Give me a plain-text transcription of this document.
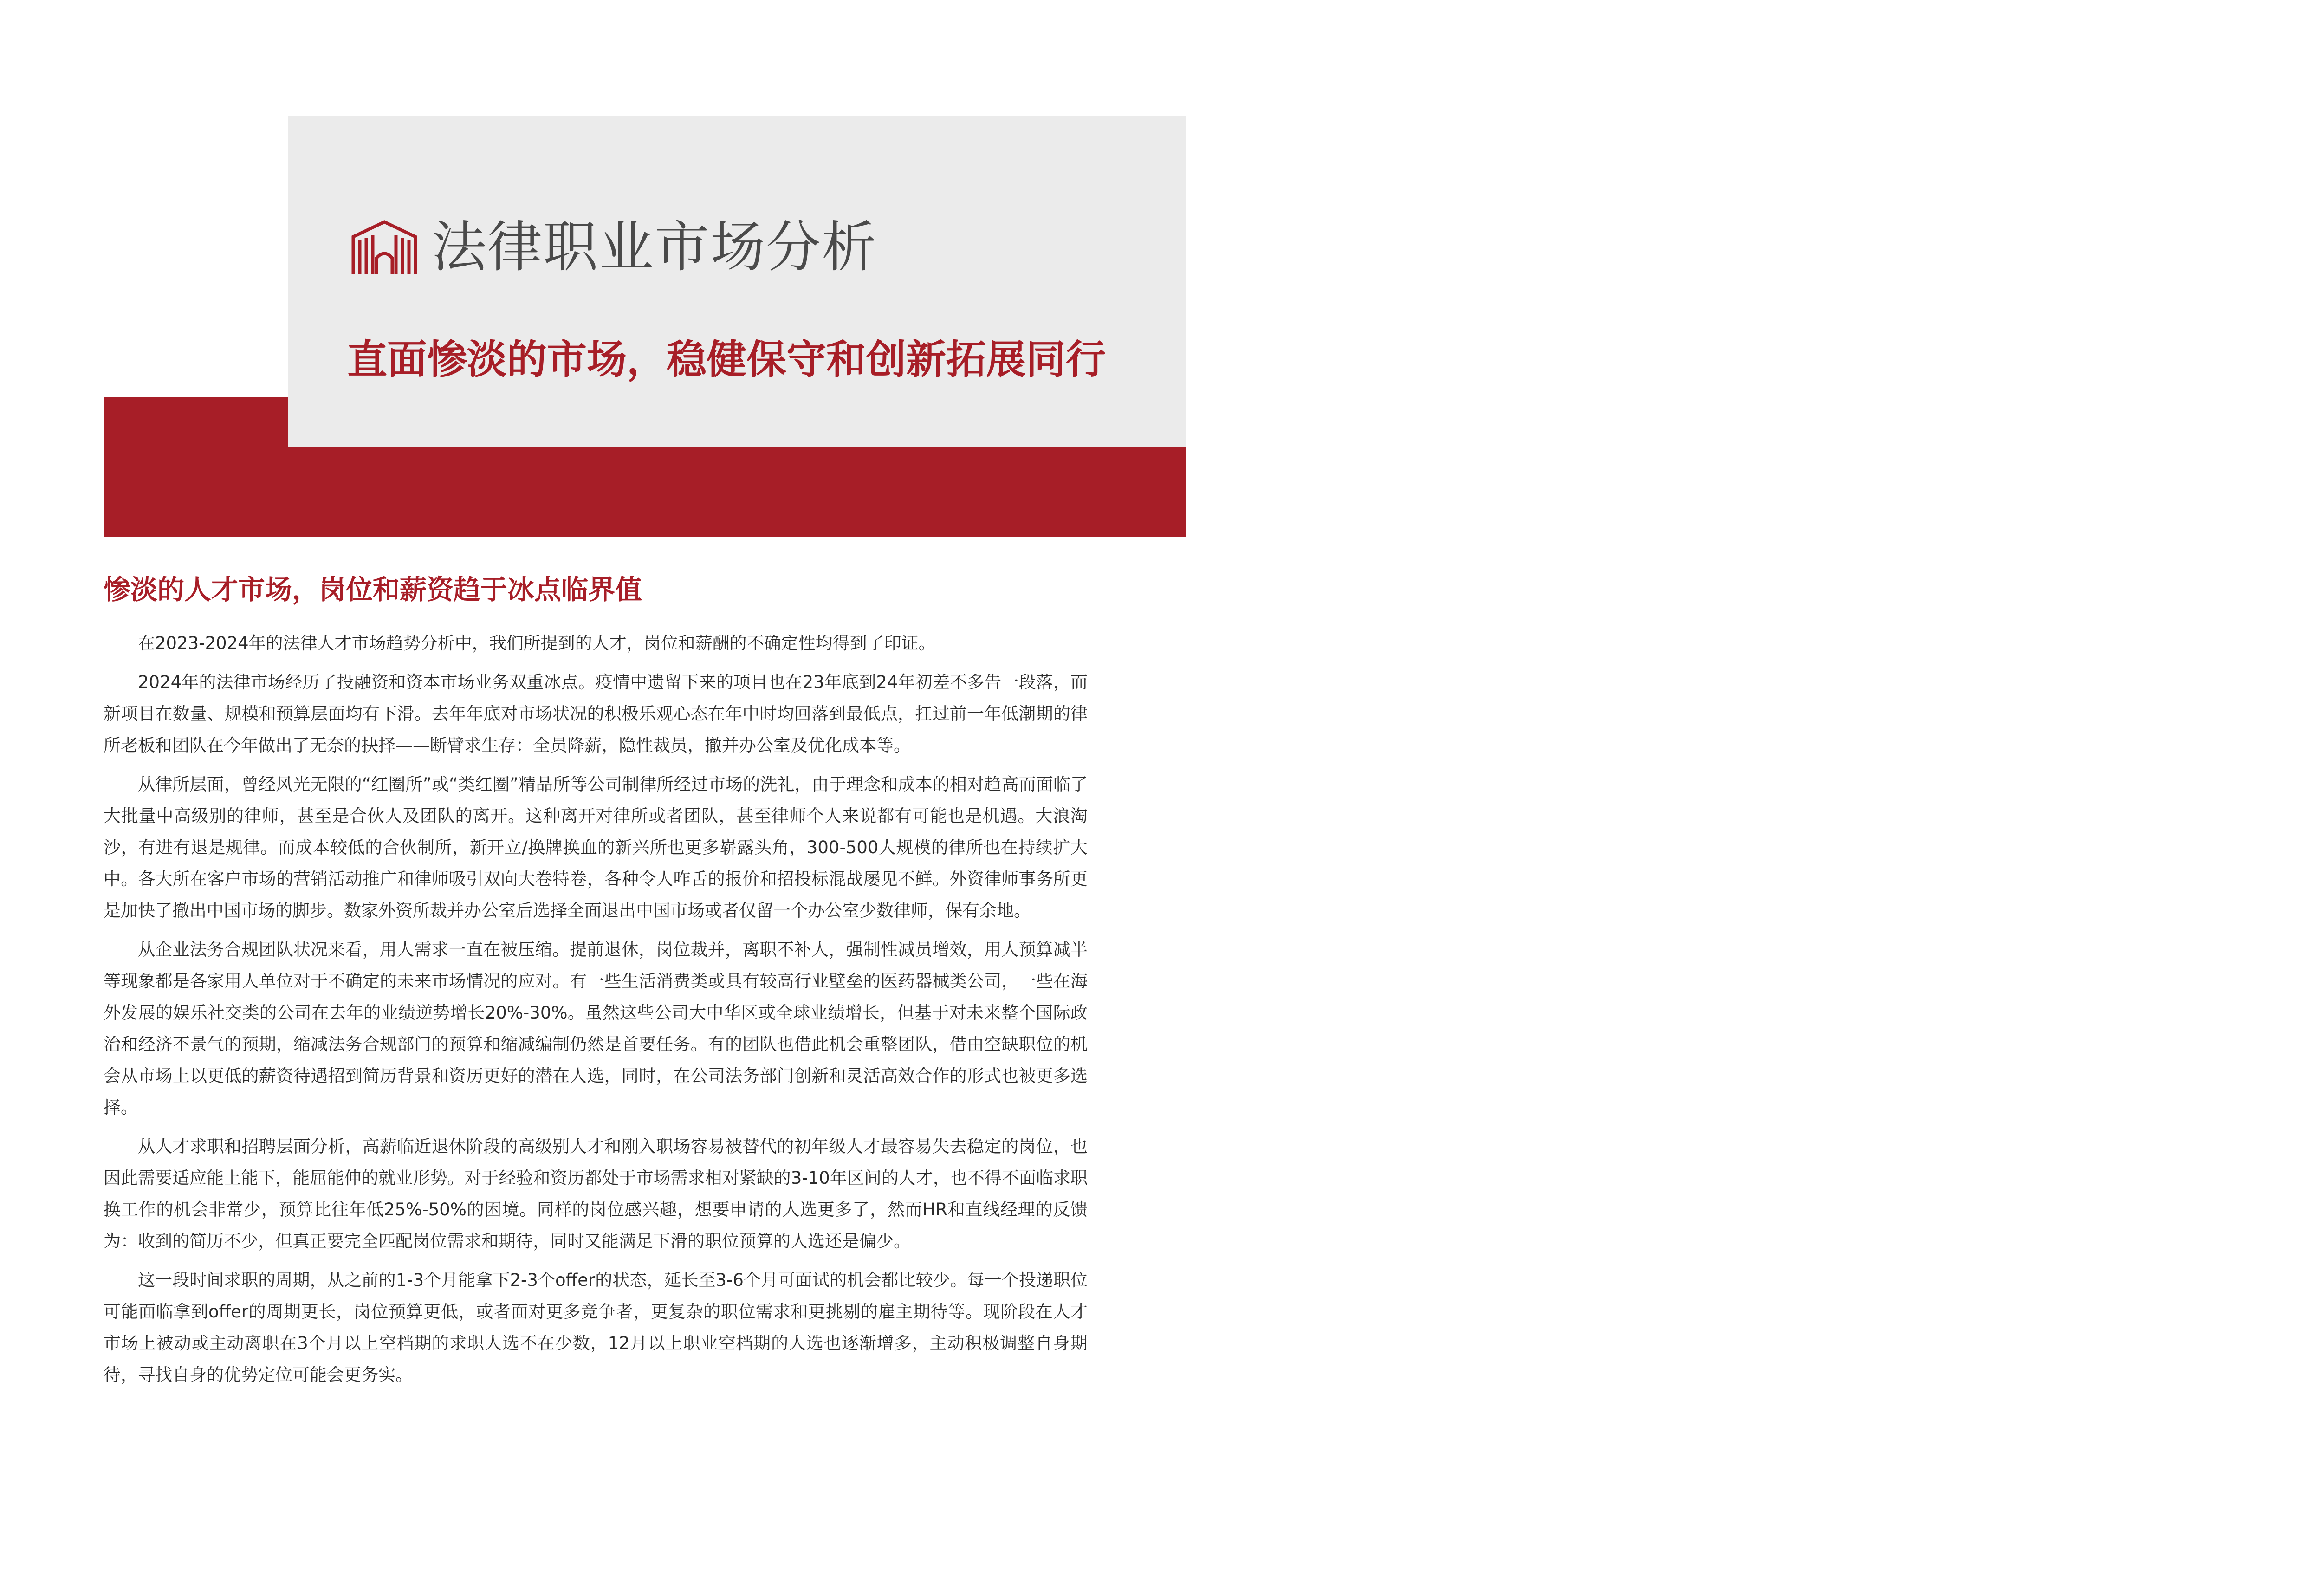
法律职业市场分析
直面惨淡的市场，稳健保守和创新拓展同行
惨淡的人才市场，岗位和薪资趋于冰点临界值

在2023-2024年的法律人才市场趋势分析中，我们所提到的人才，岗位和薪酬的不确定性均得到了印证。

2024年的法律市场经历了投融资和资本市场业务双重冰点。疫情中遗留下来的项目也在23年底到24年初差不多告一段落，而新项目在数量、规模和预算层面均有下滑。去年年底对市场状况的积极乐观心态在年中时均回落到最低点，扛过前一年低潮期的律所老板和团队在今年做出了无奈的抉择——断臂求生存：全员降薪，隐性裁员，撤并办公室及优化成本等。

从律所层面，曾经风光无限的“红圈所”或“类红圈”精品所等公司制律所经过市场的洗礼，由于理念和成本的相对趋高而面临了大批量中高级别的律师，甚至是合伙人及团队的离开。这种离开对律所或者团队，甚至律师个人来说都有可能也是机遇。大浪淘沙，有进有退是规律。而成本较低的合伙制所，新开立/换牌换血的新兴所也更多崭露头角，300-500人规模的律所也在持续扩大中。各大所在客户市场的营销活动推广和律师吸引双向大卷特卷，各种令人咋舌的报价和招投标混战屡见不鲜。外资律师事务所更是加快了撤出中国市场的脚步。数家外资所裁并办公室后选择全面退出中国市场或者仅留一个办公室少数律师，保有余地。

从企业法务合规团队状况来看，用人需求一直在被压缩。提前退休，岗位裁并，离职不补人，强制性减员增效，用人预算减半等现象都是各家用人单位对于不确定的未来市场情况的应对。有一些生活消费类或具有较高行业壁垒的医药器械类公司，一些在海外发展的娱乐社交类的公司在去年的业绩逆势增长20%-30%。虽然这些公司大中华区或全球业绩增长，但基于对未来整个国际政治和经济不景气的预期，缩减法务合规部门的预算和缩减编制仍然是首要任务。有的团队也借此机会重整团队，借由空缺职位的机会从市场上以更低的薪资待遇招到简历背景和资历更好的潜在人选，同时，在公司法务部门创新和灵活高效合作的形式也被更多选择。

从人才求职和招聘层面分析，高薪临近退休阶段的高级别人才和刚入职场容易被替代的初年级人才最容易失去稳定的岗位，也因此需要适应能上能下，能屈能伸的就业形势。对于经验和资历都处于市场需求相对紧缺的3-10年区间的人才，也不得不面临求职换工作的机会非常少，预算比往年低25%-50%的困境。同样的岗位感兴趣，想要申请的人选更多了，然而HR和直线经理的反馈为：收到的简历不少，但真正要完全匹配岗位需求和期待，同时又能满足下滑的职位预算的人选还是偏少。

这一段时间求职的周期，从之前的1-3个月能拿下2-3个offer的状态，延长至3-6个月可面试的机会都比较少。每一个投递职位可能面临拿到offer的周期更长，岗位预算更低，或者面对更多竞争者，更复杂的职位需求和更挑剔的雇主期待等。现阶段在人才市场上被动或主动离职在3个月以上空档期的求职人选不在少数，12月以上职业空档期的人选也逐渐增多，主动积极调整自身期待，寻找自身的优势定位可能会更务实。
